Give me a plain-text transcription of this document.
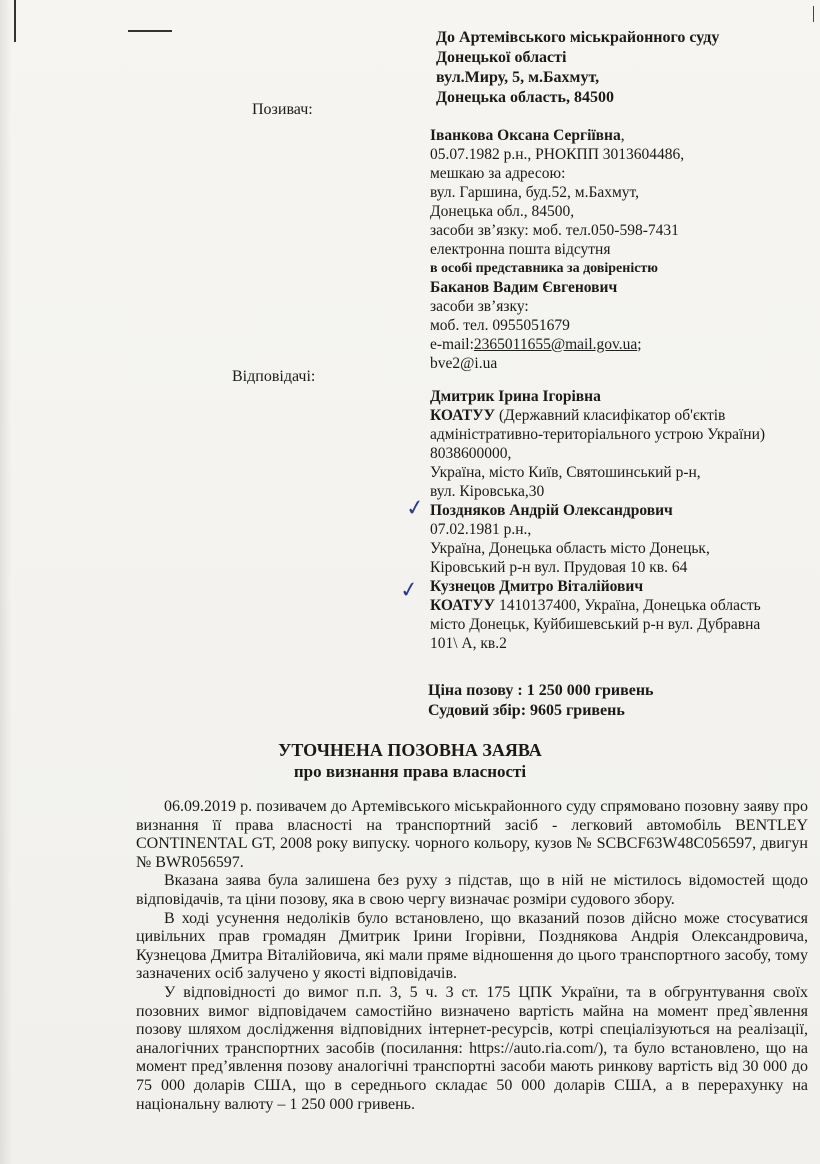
До Артемівського міськрайонного суду
Донецької області
вул.Миру, 5, м.Бахмут,
Донецька область, 84500
Позивач:
Відповідачі:
Іванкова Оксана Сергіївна,
05.07.1982 р.н., РНОКПП 3013604486,
мешкаю за адресою:
вул. Гаршина, буд.52, м.Бахмут,
Донецька обл., 84500,
засоби зв’язку: моб. тел.050-598-7431
електронна пошта відсутня
в особі представника за довіреністю
Баканов Вадим Євгенович
засоби зв’язку:
моб. тел. 0955051679
e-mail:2365011655@mail.gov.ua;
bve2@i.ua
Дмитрик Ірина Ігорівна
КОАТУУ (Державний класифікатор об'єктів
адміністративно-територіального устрою України)
8038600000,
Україна, місто Київ, Святошинський р-н,
вул. Кіровська,30
Поздняков Андрій Олександрович
07.02.1981 р.н.,
Україна, Донецька область місто Донецьк,
Кіровський р-н вул. Прудовая 10 кв. 64
Кузнецов Дмитро Віталійович
КОАТУУ 1410137400, Україна, Донецька область
місто Донецьк, Куйбишевський р-н вул. Дубравна
101\ А, кв.2
✓
✓
Ціна позову : 1 250 000 гривень
Судовий збір: 9605 гривень
УТОЧНЕНА ПОЗОВНА ЗАЯВА
про визнання права власності

06.09.2019 р. позивачем до Артемівського міськрайонного суду спрямовано позовну заяву про визнання її права власності на транспортний засіб - легковий автомобіль BENTLEY CONTINENTAL GT, 2008 року випуску. чорного кольору, кузов № SCBCF63W48C056597, двигун № BWR056597.

Вказана заява була залишена без руху з підстав, що в ній не містилось відомостей щодо відповідачів, та ціни позову, яка в свою чергу визначає розміри судового збору.

В ході усунення недоліків було встановлено, що вказаний позов дійсно може стосуватися цивільних прав громадян Дмитрик Ірини Ігорівни, Позднякова Андрія Олександровича, Кузнецова Дмитра Віталійовича, які мали пряме відношення до цього транспортного засобу, тому зазначених осіб залучено у якості відповідачів.

У відповідності до вимог п.п. 3, 5 ч. 3 ст. 175 ЦПК України, та в обгрунтування своїх позовних вимог відповідачем самостійно визначено вартість майна на момент пред`явлення позову шляхом дослідження відповідних інтернет-ресурсів, котрі спеціалізуються на реалізації, аналогічних транспортних засобів (посилання: https://auto.ria.com/), та було встановлено, що на момент пред’явлення позову аналогічні транспортні засоби мають ринкову вартість від 30 000 до 75 000 доларів США, що в середнього складає 50 000 доларів США, а в перерахунку на національну валюту – 1 250 000 гривень.
